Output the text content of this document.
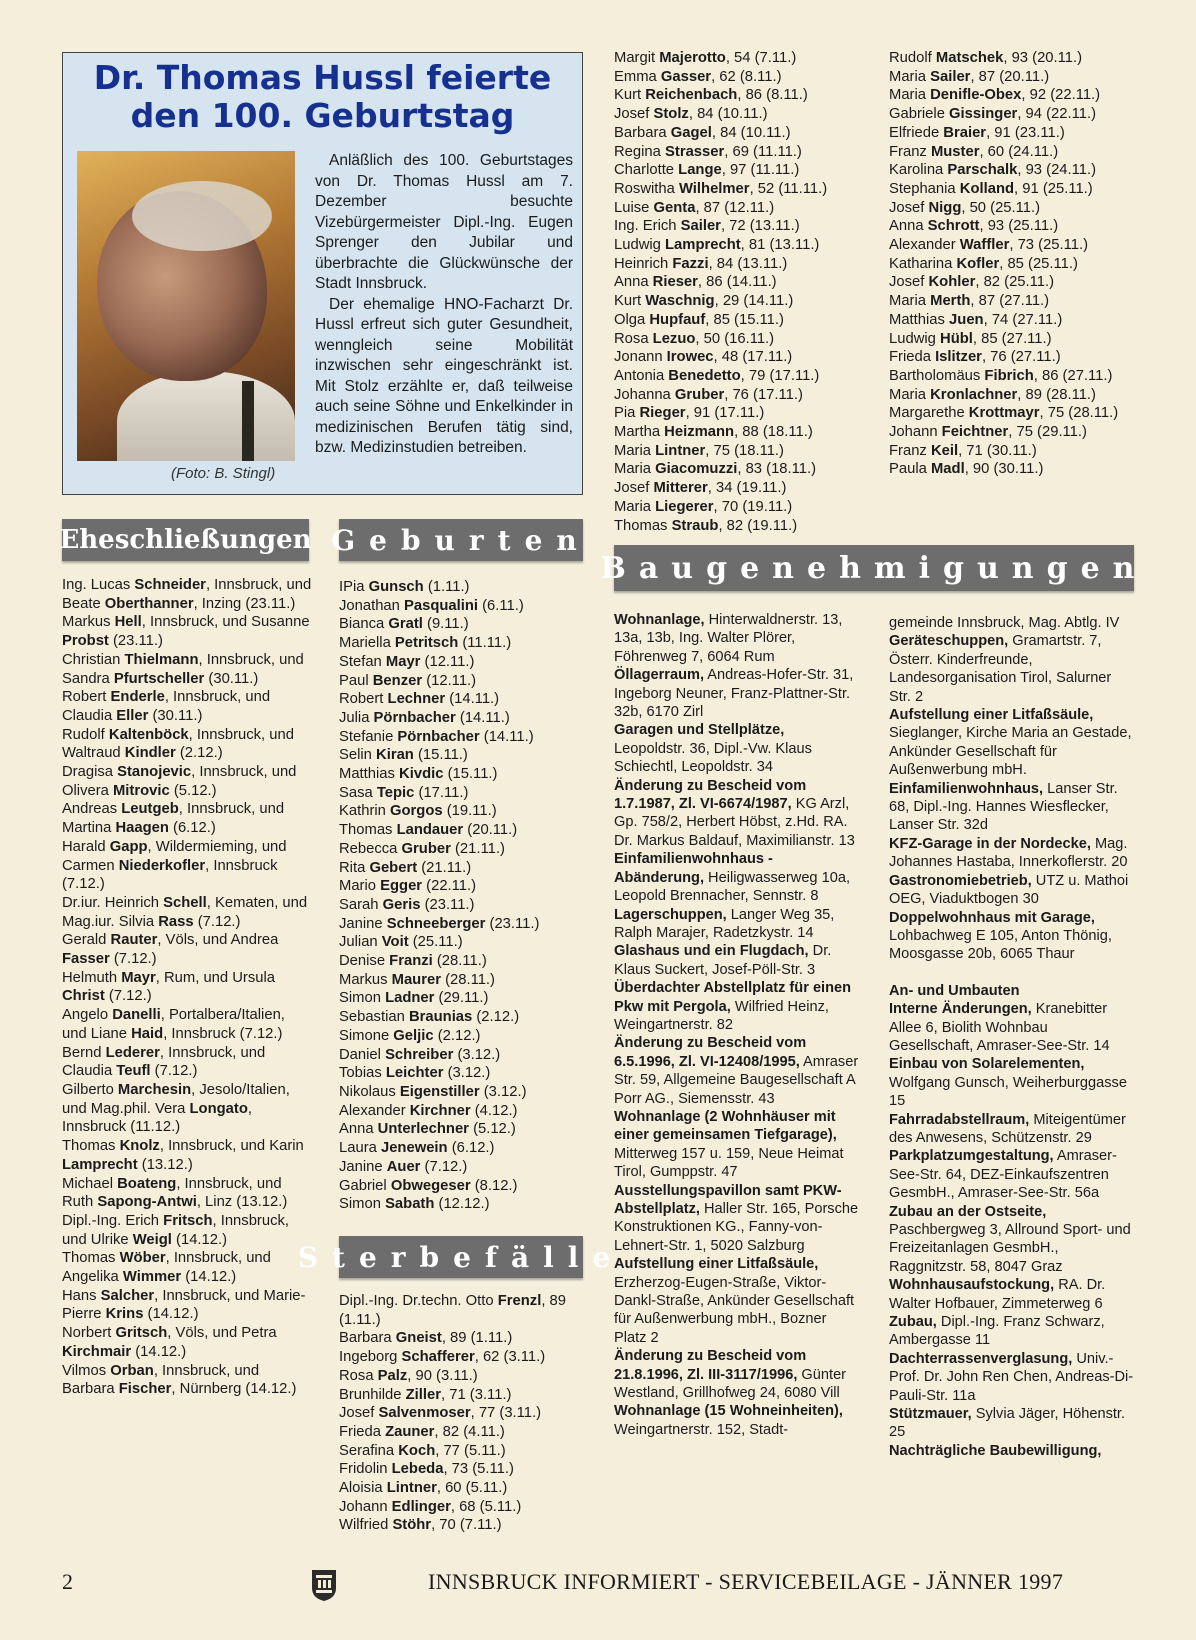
Dr. Thomas Hussl feierte
den 100. Geburtstag
(Foto: B. Stingl)

Anläßlich des 100. Geburtstages von Dr. Thomas Hussl am 7. Dezember besuchte Vizebürgermeister Dipl.-Ing. Eugen Sprenger den Jubilar und überbrachte die Glückwünsche der Stadt Innsbruck.

Der ehemalige HNO-Facharzt Dr. Hussl erfreut sich guter Gesundheit, wenngleich seine Mobilität inzwischen sehr eingeschränkt ist. Mit Stolz erzählte er, daß teilweise auch seine Söhne und Enkelkinder in medizinischen Berufen tätig sind, bzw. Medizinstudien betreiben.

Eheschließungen Geburten
Sterbefälle
Baugenehmigungen
Ing. Lucas Schneider, Innsbruck, und Beate Oberthanner, Inzing (23.11.)
Markus Hell, Innsbruck, und Susanne Probst (23.11.)
Christian Thielmann, Innsbruck, und Sandra Pfurtscheller (30.11.)
Robert Enderle, Innsbruck, und Claudia Eller (30.11.)
Rudolf Kaltenböck, Innsbruck, und Waltraud Kindler (2.12.)
Dragisa Stanojevic, Innsbruck, und Olivera Mitrovic (5.12.)
Andreas Leutgeb, Innsbruck, und Martina Haagen (6.12.)
Harald Gapp, Wildermieming, und Carmen Niederkofler, Innsbruck (7.12.)
Dr.iur. Heinrich Schell, Kematen, und Mag.iur. Silvia Rass (7.12.)
Gerald Rauter, Völs, und Andrea Fasser (7.12.)
Helmuth Mayr, Rum, und Ursula Christ (7.12.)
Angelo Danelli, Portalbera/Italien, und Liane Haid, Innsbruck (7.12.)
Bernd Lederer, Innsbruck, und Claudia Teufl (7.12.)
Gilberto Marchesin, Jesolo/Italien, und Mag.phil. Vera Longato, Innsbruck (11.12.)
Thomas Knolz, Innsbruck, und Karin Lamprecht (13.12.)
Michael Boateng, Innsbruck, und Ruth Sapong-Antwi, Linz (13.12.)
Dipl.-Ing. Erich Fritsch, Innsbruck, und Ulrike Weigl (14.12.)
Thomas Wöber, Innsbruck, und Angelika Wimmer (14.12.)
Hans Salcher, Innsbruck, und Marie-Pierre Krins (14.12.)
Norbert Gritsch, Völs, und Petra Kirchmair (14.12.)
Vilmos Orban, Innsbruck, und Barbara Fischer, Nürnberg (14.12.)
IPia Gunsch (1.11.)
Jonathan Pasqualini (6.11.)
Bianca Gratl (9.11.)
Mariella Petritsch (11.11.)
Stefan Mayr (12.11.)
Paul Benzer (12.11.)
Robert Lechner (14.11.)
Julia Pörnbacher (14.11.)
Stefanie Pörnbacher (14.11.)
Selin Kiran (15.11.)
Matthias Kivdic (15.11.)
Sasa Tepic (17.11.)
Kathrin Gorgos (19.11.)
Thomas Landauer (20.11.)
Rebecca Gruber (21.11.)
Rita Gebert (21.11.)
Mario Egger (22.11.)
Sarah Geris (23.11.)
Janine Schneeberger (23.11.)
Julian Voit (25.11.)
Denise Franzi (28.11.)
Markus Maurer (28.11.)
Simon Ladner (29.11.)
Sebastian Braunias (2.12.)
Simone Geljic (2.12.)
Daniel Schreiber (3.12.)
Tobias Leichter (3.12.)
Nikolaus Eigenstiller (3.12.)
Alexander Kirchner (4.12.)
Anna Unterlechner (5.12.)
Laura Jenewein (6.12.)
Janine Auer (7.12.)
Gabriel Obwegeser (8.12.)
Simon Sabath (12.12.)
Dipl.-Ing. Dr.techn. Otto Frenzl, 89 (1.11.)
Barbara Gneist, 89 (1.11.)
Ingeborg Schafferer, 62 (3.11.)
Rosa Palz, 90 (3.11.)
Brunhilde Ziller, 71 (3.11.)
Josef Salvenmoser, 77 (3.11.)
Frieda Zauner, 82 (4.11.)
Serafina Koch, 77 (5.11.)
Fridolin Lebeda, 73 (5.11.)
Aloisia Lintner, 60 (5.11.)
Johann Edlinger, 68 (5.11.)
Wilfried Stöhr, 70 (7.11.)
Margit Majerotto, 54 (7.11.)
Emma Gasser, 62 (8.11.)
Kurt Reichenbach, 86 (8.11.)
Josef Stolz, 84 (10.11.)
Barbara Gagel, 84 (10.11.)
Regina Strasser, 69 (11.11.)
Charlotte Lange, 97 (11.11.)
Roswitha Wilhelmer, 52 (11.11.)
Luise Genta, 87 (12.11.)
Ing. Erich Sailer, 72 (13.11.)
Ludwig Lamprecht, 81 (13.11.)
Heinrich Fazzi, 84 (13.11.)
Anna Rieser, 86 (14.11.)
Kurt Waschnig, 29 (14.11.)
Olga Hupfauf, 85 (15.11.)
Rosa Lezuo, 50 (16.11.)
Jonann Irowec, 48 (17.11.)
Antonia Benedetto, 79 (17.11.)
Johanna Gruber, 76 (17.11.)
Pia Rieger, 91 (17.11.)
Martha Heizmann, 88 (18.11.)
Maria Lintner, 75 (18.11.)
Maria Giacomuzzi, 83 (18.11.)
Josef Mitterer, 34 (19.11.)
Maria Liegerer, 70 (19.11.)
Thomas Straub, 82 (19.11.)
Rudolf Matschek, 93 (20.11.)
Maria Sailer, 87 (20.11.)
Maria Denifle-Obex, 92 (22.11.)
Gabriele Gissinger, 94 (22.11.)
Elfriede Braier, 91 (23.11.)
Franz Muster, 60 (24.11.)
Karolina Parschalk, 93 (24.11.)
Stephania Kolland, 91 (25.11.)
Josef Nigg, 50 (25.11.)
Anna Schrott, 93 (25.11.)
Alexander Waffler, 73 (25.11.)
Katharina Kofler, 85 (25.11.)
Josef Kohler, 82 (25.11.)
Maria Merth, 87 (27.11.)
Matthias Juen, 74 (27.11.)
Ludwig Hübl, 85 (27.11.)
Frieda Islitzer, 76 (27.11.)
Bartholomäus Fibrich, 86 (27.11.)
Maria Kronlachner, 89 (28.11.)
Margarethe Krottmayr, 75 (28.11.)
Johann Feichtner, 75 (29.11.)
Franz Keil, 71 (30.11.)
Paula Madl, 90 (30.11.)
Wohnanlage, Hinterwaldnerstr. 13, 13a, 13b, Ing. Walter Plörer, Föhrenweg 7, 6064 Rum
Öllagerraum, Andreas-Hofer-Str. 31, Ingeborg Neuner, Franz-Plattner-Str. 32b, 6170 Zirl
Garagen und Stellplätze, Leopoldstr. 36, Dipl.-Vw. Klaus Schiechtl, Leopoldstr. 34
Änderung zu Bescheid vom 1.7.1987, Zl. VI-6674/1987, KG Arzl, Gp. 758/2, Herbert Höbst, z.Hd. RA. Dr. Markus Baldauf, Maximilianstr. 13
Einfamilienwohnhaus - Abänderung, Heiligwasserweg 10a, Leopold Brennacher, Sennstr. 8
Lagerschuppen, Langer Weg 35, Ralph Marajer, Radetzkystr. 14
Glashaus und ein Flugdach, Dr. Klaus Suckert, Josef-Pöll-Str. 3
Überdachter Abstellplatz für einen Pkw mit Pergola, Wilfried Heinz, Weingartnerstr. 82
Änderung zu Bescheid vom 6.5.1996, Zl. VI-12408/1995, Amraser Str. 59, Allgemeine Baugesellschaft A Porr AG., Siemensstr. 43
Wohnanlage (2 Wohnhäuser mit einer gemeinsamen Tiefgarage), Mitterweg 157 u. 159, Neue Heimat Tirol, Gumppstr. 47
Ausstellungspavillon samt PKW-Abstellplatz, Haller Str. 165, Porsche Konstruktionen KG., Fanny-von-Lehnert-Str. 1, 5020 Salzburg
Aufstellung einer Litfaßsäule, Erzherzog-Eugen-Straße, Viktor-Dankl-Straße, Ankünder Gesellschaft für Außenwerbung mbH., Bozner Platz 2
Änderung zu Bescheid vom 21.8.1996, Zl. III-3117/1996, Günter Westland, Grillhofweg 24, 6080 Vill
Wohnanlage (15 Wohneinheiten), Weingartnerstr. 152, Stadt-
gemeinde Innsbruck, Mag. Abtlg. IV
Geräteschuppen, Gramartstr. 7, Österr. Kinderfreunde, Landesorganisation Tirol, Salurner Str. 2
Aufstellung einer Litfaßsäule, Sieglanger, Kirche Maria an Gestade, Ankünder Gesellschaft für Außenwerbung mbH.
Einfamilienwohnhaus, Lanser Str. 68, Dipl.-Ing. Hannes Wiesflecker, Lanser Str. 32d
KFZ-Garage in der Nordecke, Mag. Johannes Hastaba, Innerkoflerstr. 20
Gastronomiebetrieb, UTZ u. Mathoi OEG, Viaduktbogen 30
Doppelwohnhaus mit Garage, Lohbachweg E 105, Anton Thönig, Moosgasse 20b, 6065 Thaur
An- und Umbauten
Interne Änderungen, Kranebitter Allee 6, Biolith Wohnbau Gesellschaft, Amraser-See-Str. 14
Einbau von Solarelementen, Wolfgang Gunsch, Weiherburggasse 15
Fahrradabstellraum, Miteigentümer des Anwesens, Schützenstr. 29
Parkplatzumgestaltung, Amraser-See-Str. 64, DEZ-Einkaufszentren GesmbH., Amraser-See-Str. 56a
Zubau an der Ostseite, Paschbergweg 3, Allround Sport- und Freizeitanlagen GesmbH., Raggnitzstr. 58, 8047 Graz
Wohnhausaufstockung, RA. Dr. Walter Hofbauer, Zimmeterweg 6
Zubau, Dipl.-Ing. Franz Schwarz, Ambergasse 11
Dachterrassenverglasung, Univ.-Prof. Dr. John Ren Chen, Andreas-Di-Pauli-Str. 11a
Stützmauer, Sylvia Jäger, Höhenstr. 25
Nachträgliche Baubewilligung,
2	INNSBRUCK INFORMIERT - SERVICEBEILAGE - JÄNNER 1997
